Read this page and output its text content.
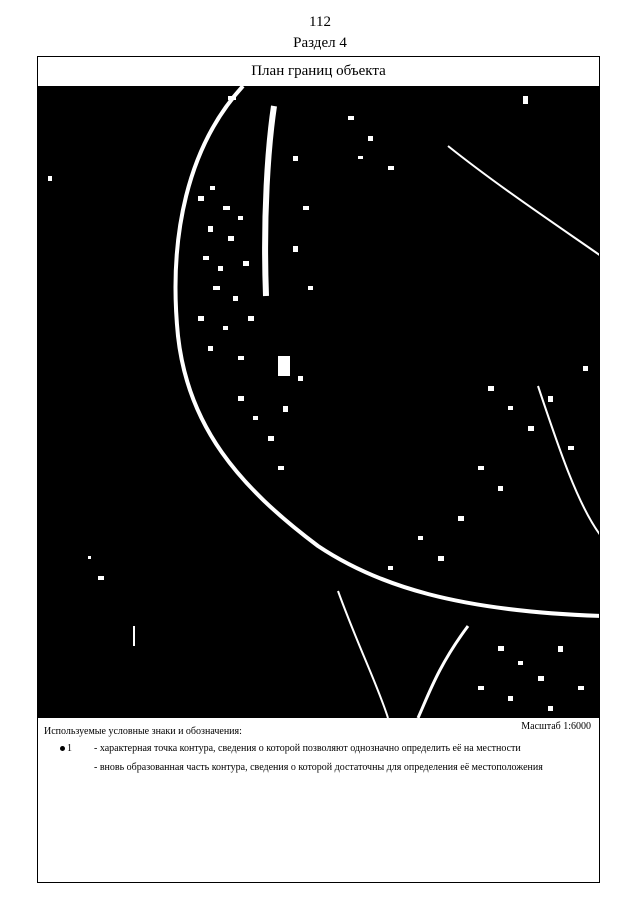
112
Раздел 4
План границ объекта
Используемые условные знаки и обозначения:	Масштаб 1:6000
1	- характерная точка контура, сведения о которой позволяют однозначно определить её на местности
- вновь образованная часть контура, сведения о которой достаточны для определения её местоположения
